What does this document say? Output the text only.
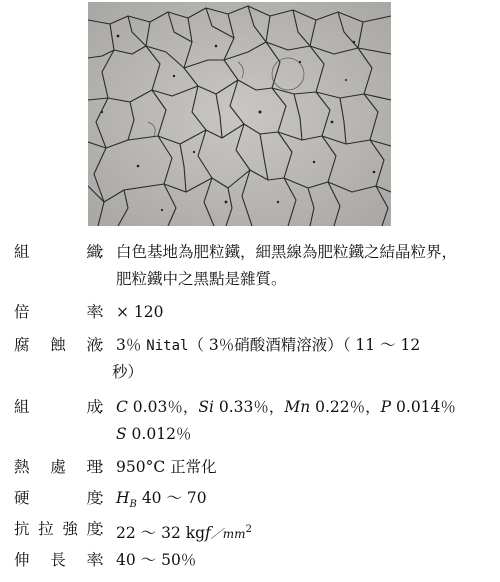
組	織
： 白色基地為肥粒鐵，細黑線為肥粒鐵之結晶粒界，
肥粒鐵中之黑點是雜質。
倍	率
： × 120
腐 蝕 液
： 3％ Nital（ 3％硝酸酒精溶液）（ 11 ～ 12
秒）
組	成
： C 0.03％，Si 0.33％，Mn 0.22％，P 0.014％
S 0.012％
熱 處 理
： 950°C 正常化
硬	度
： $H_B$ 40 ～ 70
抗 拉 強 度
： 22 ～ 32 $kgf/mm^2$
伸 長 率
： 40 ～ 50％
